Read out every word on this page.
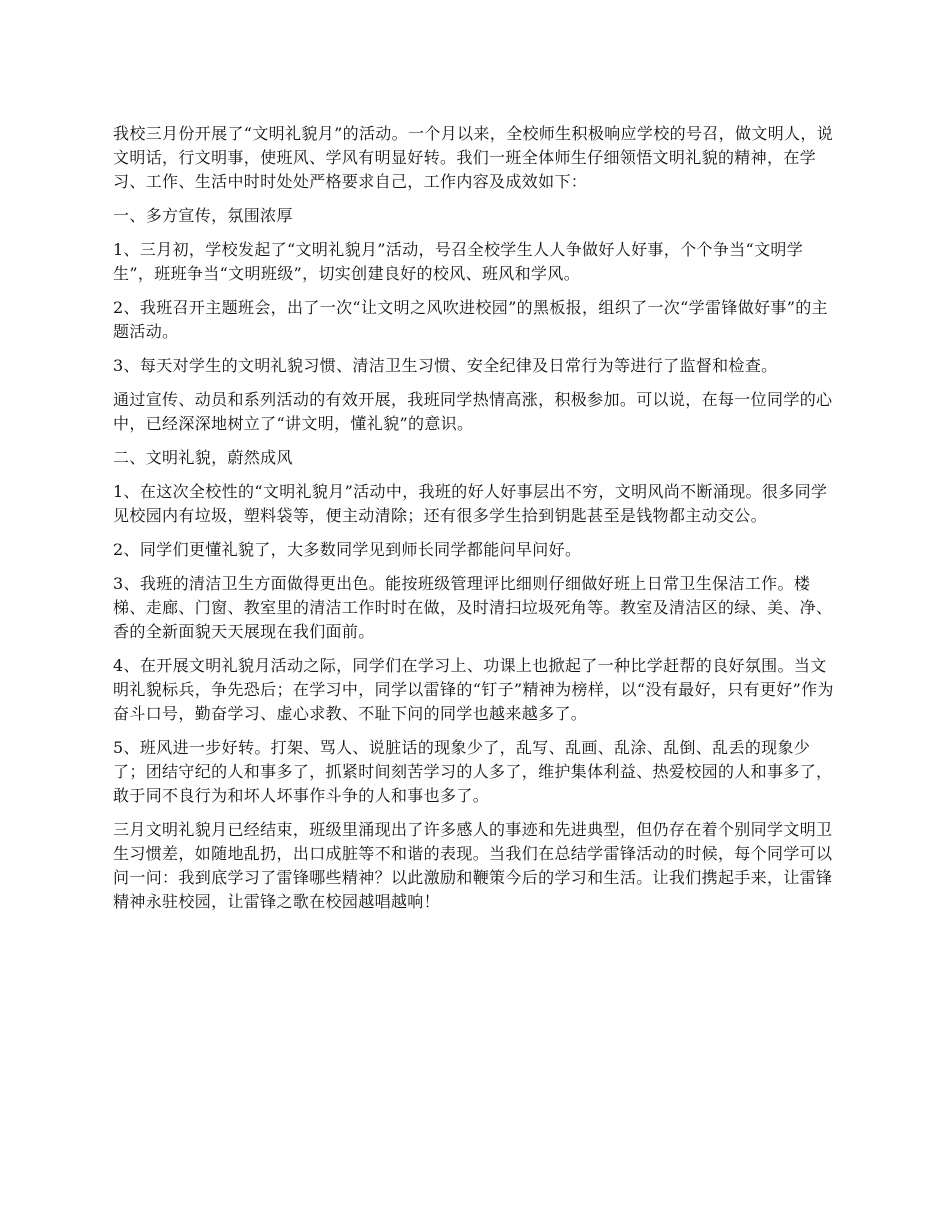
我校三月份开展了“文明礼貌月”的活动。一个月以来，全校师生积极响应学校的号召，做文明人，说文明话，行文明事，使班风、学风有明显好转。我们一班全体师生仔细领悟文明礼貌的精神，在学习、工作、生活中时时处处严格要求自己，工作内容及成效如下：

一、多方宣传，氛围浓厚

1、三月初，学校发起了“文明礼貌月”活动，号召全校学生人人争做好人好事，个个争当“文明学生”，班班争当“文明班级”，切实创建良好的校风、班风和学风。

2、我班召开主题班会，出了一次“让文明之风吹进校园”的黑板报，组织了一次“学雷锋做好事”的主题活动。

3、每天对学生的文明礼貌习惯、清洁卫生习惯、安全纪律及日常行为等进行了监督和检查。

通过宣传、动员和系列活动的有效开展，我班同学热情高涨，积极参加。可以说，在每一位同学的心中，已经深深地树立了“讲文明，懂礼貌”的意识。

二、文明礼貌，蔚然成风

1、在这次全校性的“文明礼貌月”活动中，我班的好人好事层出不穷，文明风尚不断涌现。很多同学见校园内有垃圾，塑料袋等，便主动清除；还有很多学生拾到钥匙甚至是钱物都主动交公。

2、同学们更懂礼貌了，大多数同学见到师长同学都能问早问好。

3、我班的清洁卫生方面做得更出色。能按班级管理评比细则仔细做好班上日常卫生保洁工作。楼梯、走廊、门窗、教室里的清洁工作时时在做，及时清扫垃圾死角等。教室及清洁区的绿、美、净、香的全新面貌天天展现在我们面前。

4、在开展文明礼貌月活动之际，同学们在学习上、功课上也掀起了一种比学赶帮的良好氛围。当文明礼貌标兵，争先恐后；在学习中，同学以雷锋的“钉子”精神为榜样，以“没有最好，只有更好”作为奋斗口号，勤奋学习、虚心求教、不耻下问的同学也越来越多了。

5、班风进一步好转。打架、骂人、说脏话的现象少了，乱写、乱画、乱涂、乱倒、乱丢的现象少了；团结守纪的人和事多了，抓紧时间刻苦学习的人多了，维护集体利益、热爱校园的人和事多了，敢于同不良行为和坏人坏事作斗争的人和事也多了。

三月文明礼貌月已经结束，班级里涌现出了许多感人的事迹和先进典型，但仍存在着个别同学文明卫生习惯差，如随地乱扔，出口成脏等不和谐的表现。当我们在总结学雷锋活动的时候，每个同学可以问一问：我到底学习了雷锋哪些精神？以此激励和鞭策今后的学习和生活。让我们携起手来，让雷锋精神永驻校园，让雷锋之歌在校园越唱越响！
